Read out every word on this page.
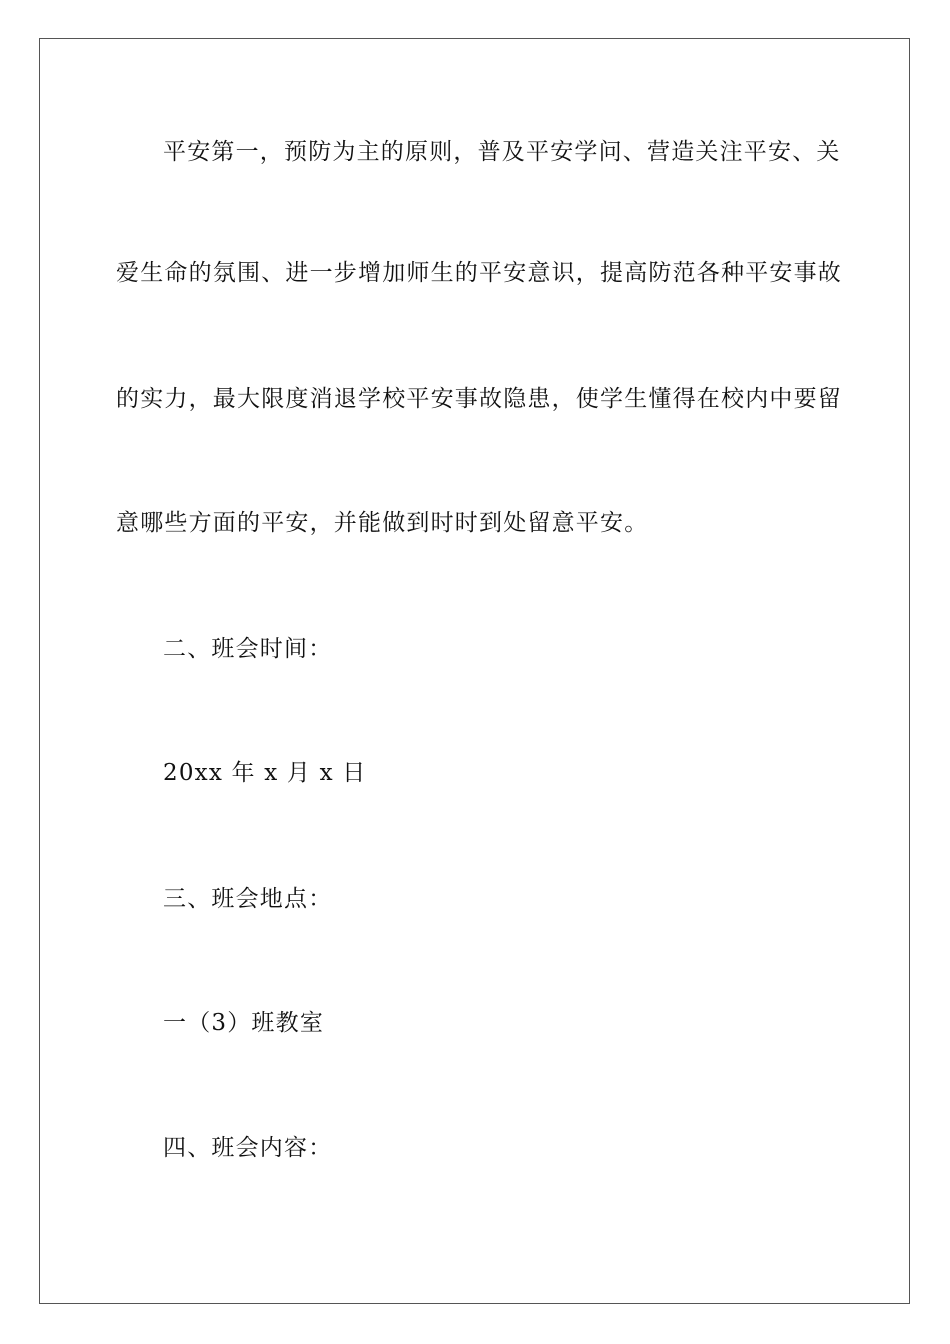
平安第一，预防为主的原则，普及平安学问、营造关注平安、关
爱生命的氛围、进一步增加师生的平安意识，提高防范各种平安事故
的实力，最大限度消退学校平安事故隐患，使学生懂得在校内中要留
意哪些方面的平安，并能做到时时到处留意平安。
二、班会时间：
20xx 年 x 月 x 日
三、班会地点：
一（3）班教室
四、班会内容：
